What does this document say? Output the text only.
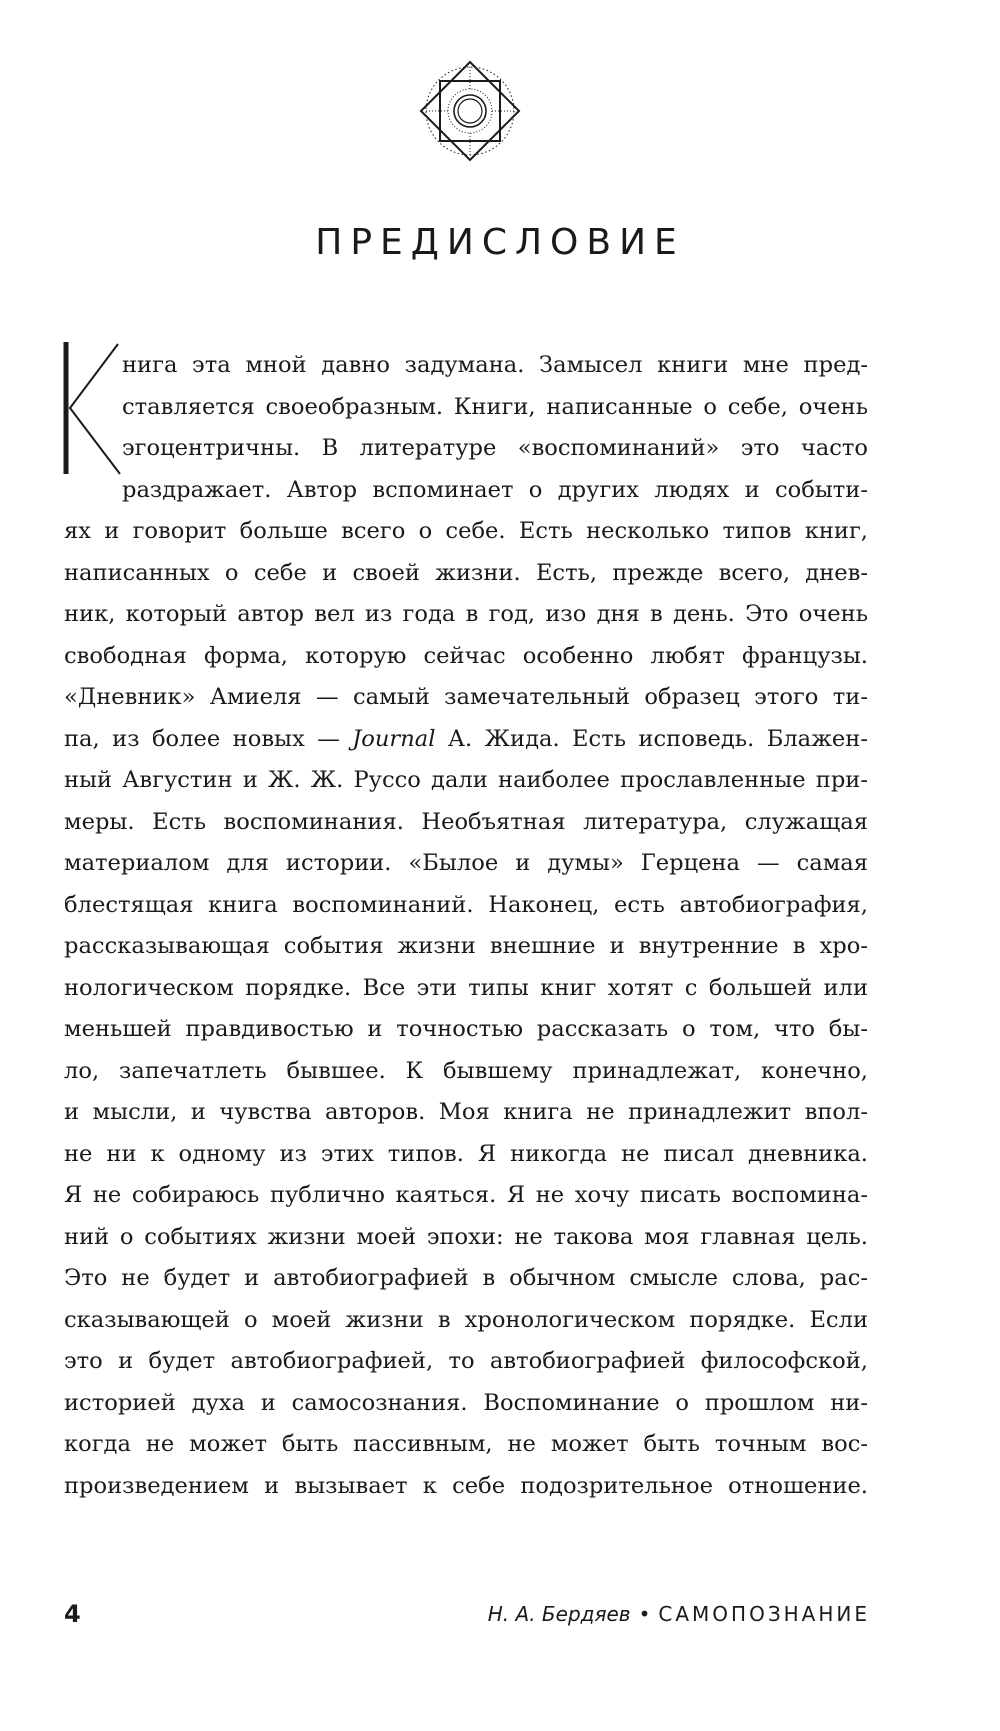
ПРЕДИСЛОВИЕ
нига эта мной давно задумана. Замысел книги мне пред-
ставляется своеобразным. Книги, написанные о себе, очень
эгоцентричны. В литературе «воспоминаний» это часто
раздражает. Автор вспоминает о других людях и событи-
ях и говорит больше всего о себе. Есть несколько типов книг,
написанных о себе и своей жизни. Есть, прежде всего, днев-
ник, который автор вел из года в год, изо дня в день. Это очень
свободная форма, которую сейчас особенно любят французы.
«Дневник» Амиеля — самый замечательный образец этого ти-
па, из более новых — Journal А. Жида. Есть исповедь. Блажен-
ный Августин и Ж. Ж. Руссо дали наиболее прославленные при-
меры. Есть воспоминания. Необъятная литература, служащая
материалом для истории. «Былое и думы» Герцена — самая
блестящая книга воспоминаний. Наконец, есть автобиография,
рассказывающая события жизни внешние и внутренние в хро-
нологическом порядке. Все эти типы книг хотят с большей или
меньшей правдивостью и точностью рассказать о том, что бы-
ло, запечатлеть бывшее. К бывшему принадлежат, конечно,
и мысли, и чувства авторов. Моя книга не принадлежит впол-
не ни к одному из этих типов. Я никогда не писал дневника.
Я не собираюсь публично каяться. Я не хочу писать воспомина-
ний о событиях жизни моей эпохи: не такова моя главная цель.
Это не будет и автобиографией в обычном смысле слова, рас-
сказывающей о моей жизни в хронологическом порядке. Если
это и будет автобиографией, то автобиографией философской,
историей духа и самосознания. Воспоминание о прошлом ни-
когда не может быть пассивным, не может быть точным вос-
произведением и вызывает к себе подозрительное отношение.
4	Н. А. Бердяев • САМОПОЗНАНИЕ
